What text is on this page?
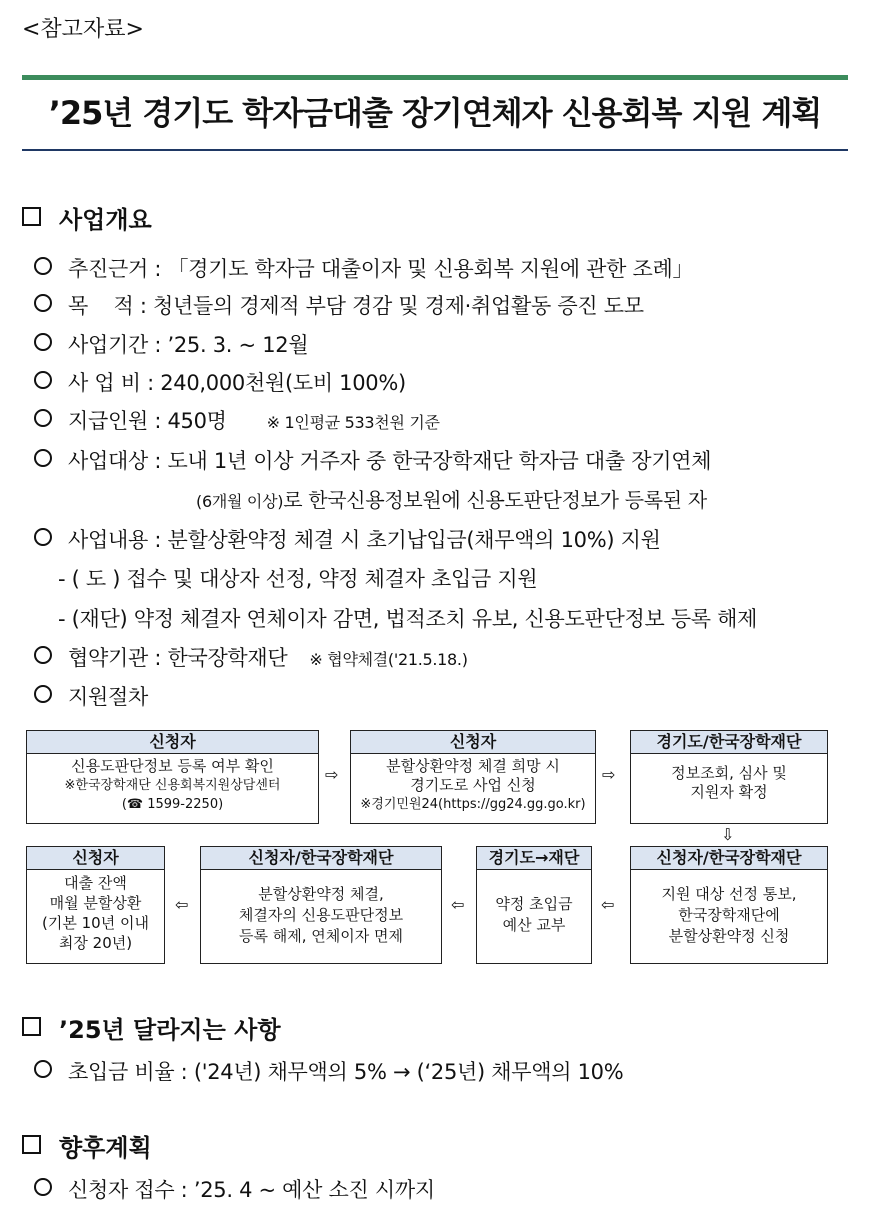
<참고자료>
’25년 경기도 학자금대출 장기연체자 신용회복 지원 계획
사업개요
추진근거 : 「경기도 학자금 대출이자 및 신용회복 지원에 관한 조례」
목    적 : 청년들의 경제적 부담 경감 및 경제·취업활동 증진 도모
사업기간 : ’25. 3. ~ 12월
사 업 비 : 240,000천원(도비 100%)
지급인원 : 450명	※ 1인평균 533천원 기준
사업대상 : 도내 1년 이상 거주자 중 한국장학재단 학자금 대출 장기연체
(6개월 이상)로 한국신용정보원에 신용도판단정보가 등록된 자
사업내용 : 분할상환약정 체결 시 초기납입금(채무액의 10%) 지원
- ( 도 ) 접수 및 대상자 선정, 약정 체결자 초입금 지원
- (재단) 약정 체결자 연체이자 감면, 법적조치 유보, 신용도판단정보 등록 해제
협약기관 : 한국장학재단 ※ 협약체결('21.5.18.)
지원절차
신청자
신용도판단정보 등록 여부 확인
※한국장학재단 신용회복지원상담센터
(☎ 1599-2250)
⇨
신청자
분할상환약정 체결 희망 시
경기도로 사업 신청
※경기민원24(https://gg24.gg.go.kr)
⇨
경기도/한국장학재단
정보조회, 심사 및
지원자 확정
⇩
신청자
대출 잔액
매월 분할상환
(기본 10년 이내
최장 20년)
⇦
신청자/한국장학재단
분할상환약정 체결,
체결자의 신용도판단정보
등록 해제, 연체이자 면제
⇦
경기도→재단
약정 초입금
예산 교부
⇦
신청자/한국장학재단
지원 대상 선정 통보,
한국장학재단에
분할상환약정 신청
’25년 달라지는 사항
초입금 비율 : ('24년) 채무액의 5% → (‘25년) 채무액의 10%
향후계획
신청자 접수 : ’25. 4 ~ 예산 소진 시까지
